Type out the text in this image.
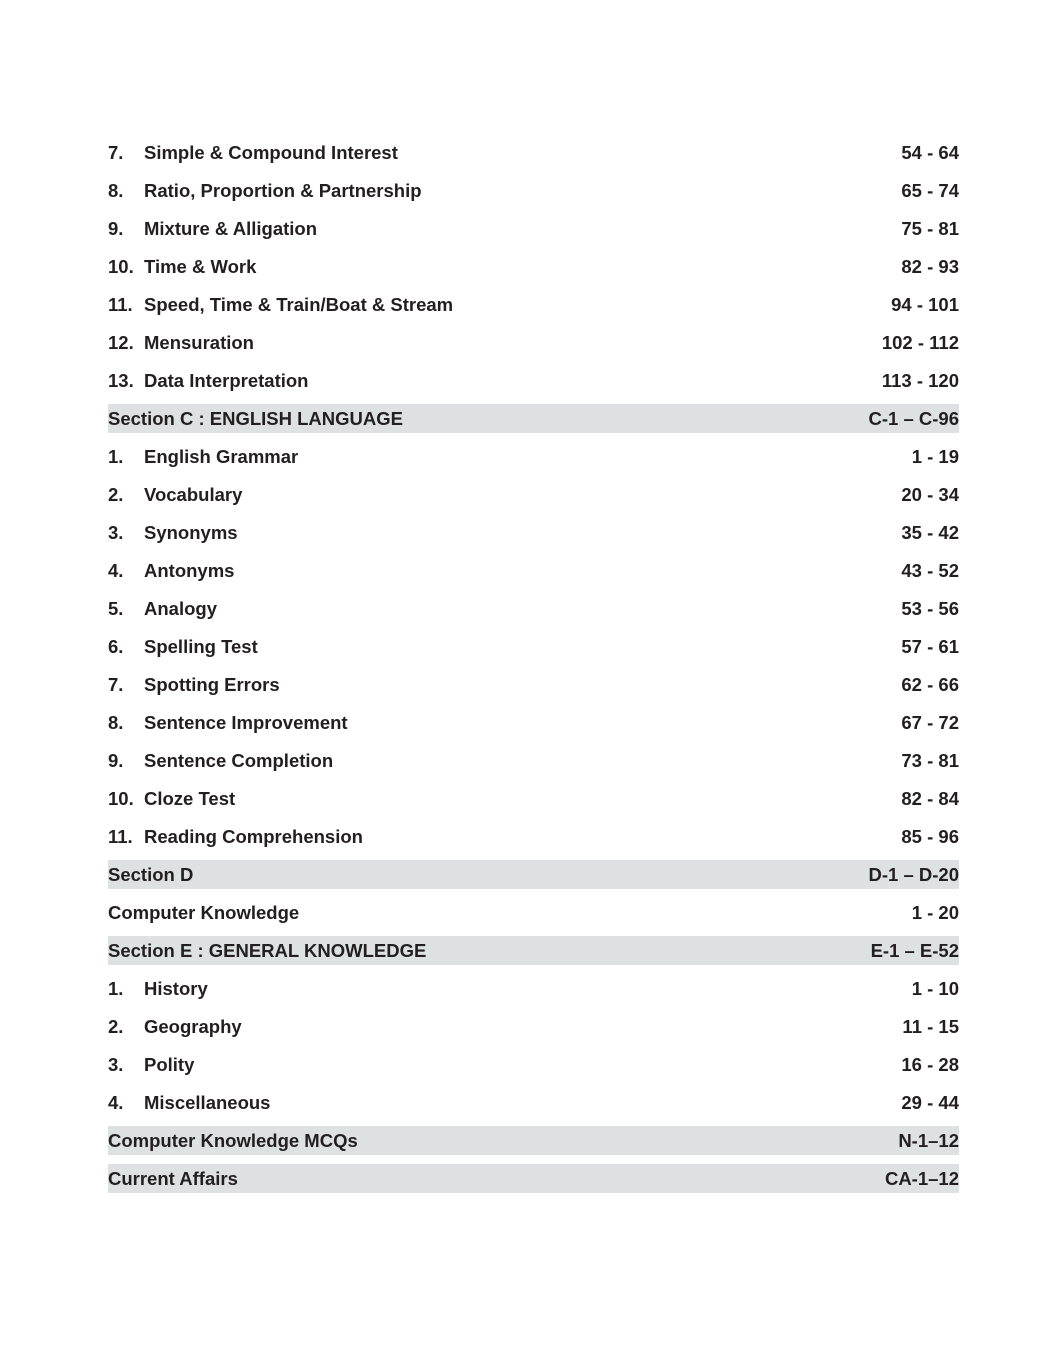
7. Simple & Compound Interest	54 - 64
8. Ratio, Proportion & Partnership	65 - 74
9. Mixture & Alligation	75 - 81
10. Time & Work	82 - 93
11. Speed, Time & Train/Boat & Stream	94 - 101
12. Mensuration	102 - 112
13. Data Interpretation	113 - 120
Section C : ENGLISH LANGUAGE	C-1 – C-96
1. English Grammar	1 - 19
2. Vocabulary	20 - 34
3. Synonyms	35 - 42
4. Antonyms	43 - 52
5. Analogy	53 - 56
6. Spelling Test	57 - 61
7. Spotting Errors	62 - 66
8. Sentence Improvement	67 - 72
9. Sentence Completion	73 - 81
10. Cloze Test	82 - 84
11. Reading Comprehension	85 - 96
Section D	D-1 – D-20
Computer Knowledge	1 - 20
Section E : GENERAL KNOWLEDGE	E-1 – E-52
1. History	1 - 10
2. Geography	11 - 15
3. Polity	16 - 28
4. Miscellaneous	29 - 44
Computer Knowledge MCQs	N-1–12
Current Affairs	CA-1–12
